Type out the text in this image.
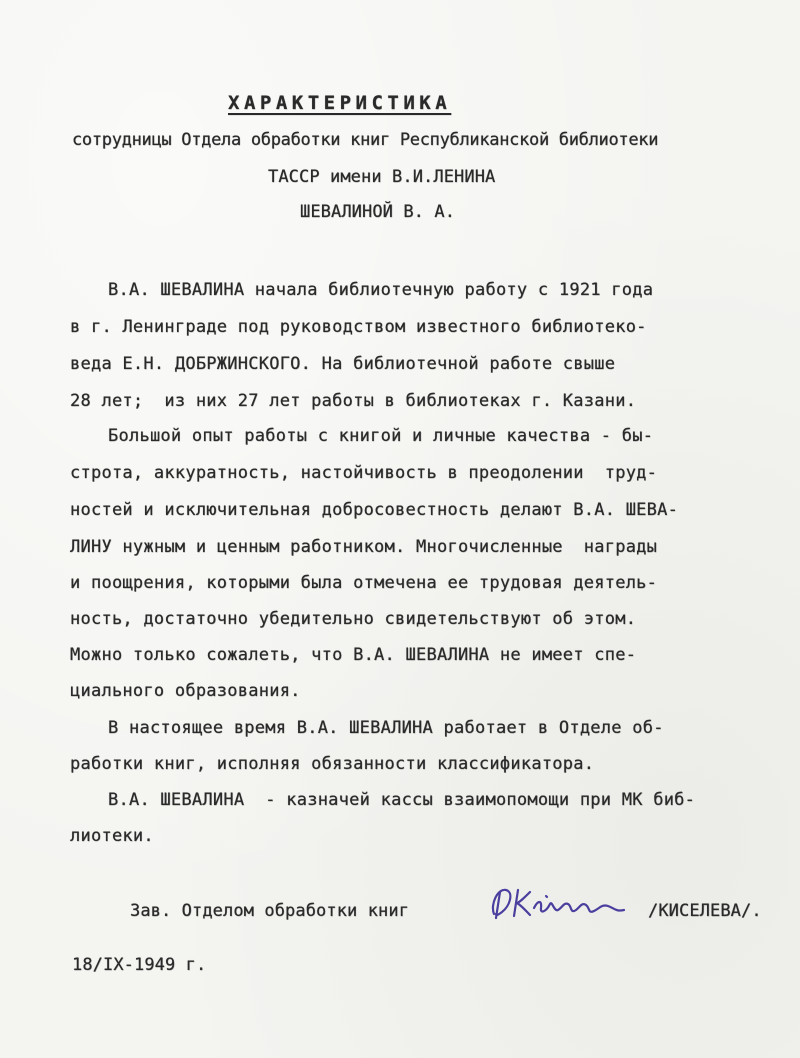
ХАРАКТЕРИСТИКА
сотрудницы Отдела обработки книг Республиканской библиотеки
ТАССР имени В.И.ЛЕНИНА
ШЕВАЛИНОЙ В. А.
В.А. ШЕВАЛИНА начала библиотечную работу с 1921 года
в г. Ленинграде под руководством известного библиотеко-
веда Е.Н. ДОБРЖИНСКОГО. На библиотечной работе свыше
28 лет;  из них 27 лет работы в библиотеках г. Казани.
Большой опыт работы с книгой и личные качества - бы-
строта, аккуратность, настойчивость в преодолении  труд-
ностей и исключительная добросовестность делают В.А. ШЕВА-
ЛИНУ нужным и ценным работником. Многочисленные  награды
и поощрения, которыми была отмечена ее трудовая деятель-
ность, достаточно убедительно свидетельствуют об этом.
Можно только сожалеть, что В.А. ШЕВАЛИНА не имеет спе-
циального образования.
В настоящее время В.А. ШЕВАЛИНА работает в Отделе об-
работки книг, исполняя обязанности классификатора.
В.А. ШЕВАЛИНА  - казначей кассы взаимопомощи при МК биб-
лиотеки.
Зав. Отделом обработки книг	/КИСЕЛЕВА/.
18/IX-1949 г.
